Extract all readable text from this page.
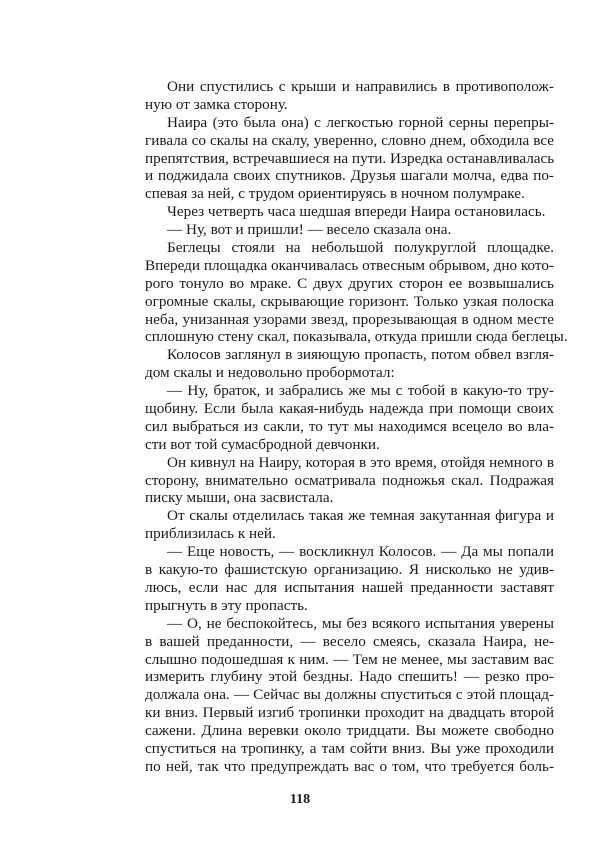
Они спустились с крыши и направились в противополож-
ную от замка сторону.

Наира (это была она) с легкостью горной серны перепры-
гивала со скалы на скалу, уверенно, словно днем, обходила все
препятствия, встречавшиеся на пути. Изредка останавливалась
и поджидала своих спутников. Друзья шагали молча, едва по-
спевая за ней, с трудом ориентируясь в ночном полумраке.

Через четверть часа шедшая впереди Наира остановилась.

— Ну, вот и пришли! — весело сказала она.

Беглецы стояли на небольшой полукруглой площадке.
Впереди площадка оканчивалась отвесным обрывом, дно кото-
рого тонуло во мраке. С двух других сторон ее возвышались
огромные скалы, скрывающие горизонт. Только узкая полоска
неба, унизанная узорами звезд, прорезывающая в одном месте
сплошную стену скал, показывала, откуда пришли сюда беглецы.

Колосов заглянул в зияющую пропасть, потом обвел взгля-
дом скалы и недовольно пробормотал:

— Ну, браток, и забрались же мы с тобой в какую-то тру-
щобину. Если была какая-нибудь надежда при помощи своих
сил выбраться из сакли, то тут мы находимся всецело во вла-
сти вот той сумасбродной девчонки.

Он кивнул на Наиру, которая в это время, отойдя немного в
сторону, внимательно осматривала подножья скал. Подражая
писку мыши, она засвистала.

От скалы отделилась такая же темная закутанная фигура и
приблизилась к ней.

— Еще новость, — воскликнул Колосов. — Да мы попали
в какую-то фашистскую организацию. Я нисколько не удив-
люсь, если нас для испытания нашей преданности заставят
прыгнуть в эту пропасть.

— О, не беспокойтесь, мы без всякого испытания уверены
в вашей преданности, — весело смеясь, сказала Наира, не-
слышно подошедшая к ним. — Тем не менее, мы заставим вас
измерить глубину этой бездны. Надо спешить! — резко про-
должала она. — Сейчас вы должны спуститься с этой площад-
ки вниз. Первый изгиб тропинки проходит на двадцать второй
сажени. Длина веревки около тридцати. Вы можете свободно
спуститься на тропинку, а там сойти вниз. Вы уже проходили
по ней, так что предупреждать вас о том, что требуется боль-

118
